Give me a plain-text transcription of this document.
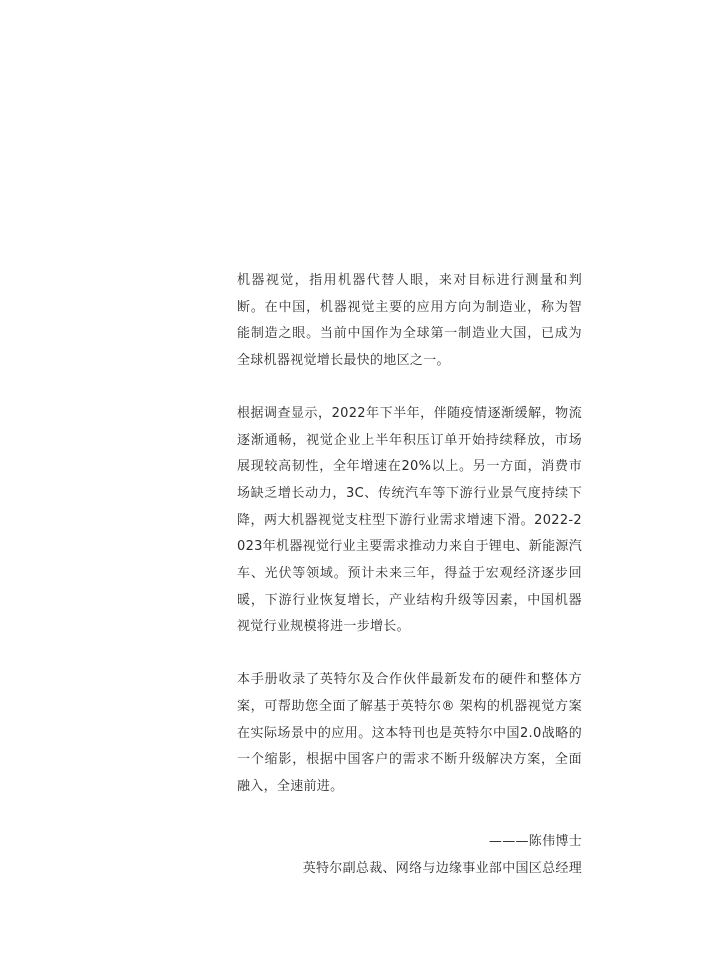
机器视觉，指用机器代替人眼，来对目标进行测量和判断。在中国，机器视觉主要的应用方向为制造业，称为智能制造之眼。当前中国作为全球第一制造业大国，已成为全球机器视觉增长最快的地区之一。

根据调查显示，2022年下半年，伴随疫情逐渐缓解，物流逐渐通畅，视觉企业上半年积压订单开始持续释放，市场展现较高韧性，全年增速在20%以上。另一方面，消费市场缺乏增长动力，3C、传统汽车等下游行业景气度持续下降，两大机器视觉支柱型下游行业需求增速下滑。2022-2023年机器视觉行业主要需求推动力来自于锂电、新能源汽车、光伏等领域。预计未来三年，得益于宏观经济逐步回暖，下游行业恢复增长，产业结构升级等因素，中国机器视觉行业规模将进一步增长。

本手册收录了英特尔及合作伙伴最新发布的硬件和整体方案，可帮助您全面了解基于英特尔® 架构的机器视觉方案在实际场景中的应用。这本特刊也是英特尔中国2.0战略的一个缩影，根据中国客户的需求不断升级解决方案，全面融入，全速前进。

———陈伟博士
英特尔副总裁、网络与边缘事业部中国区总经理
